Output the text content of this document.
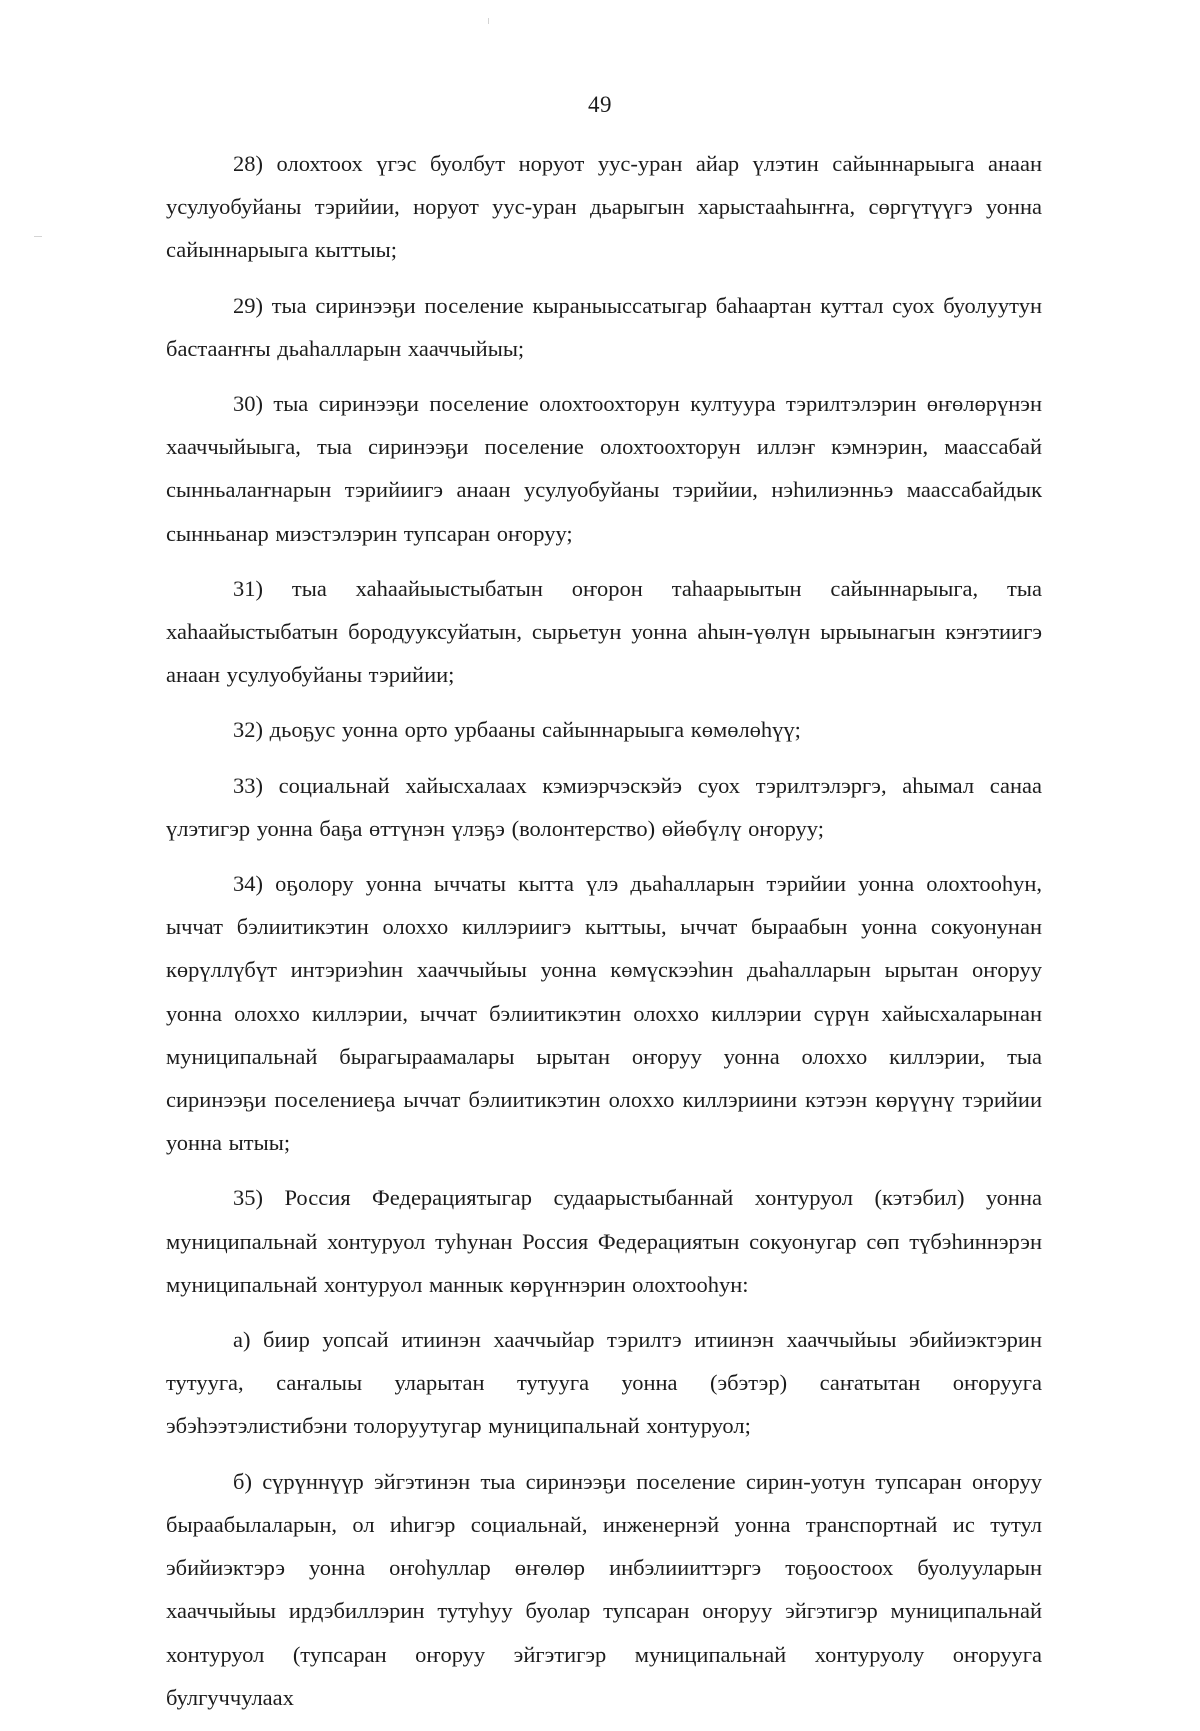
49

28) олохтоох үгэс буолбут норуот уус-уран айар үлэтин сайыннарыыга анаан усулуобуйаны тэрийии, норуот уус-уран дьарыгын харыстааһыҥҥа, сөргүтүүгэ уонна сайыннарыыга кыттыы;

29) тыа сиринээҕи поселение кыраныыссатыгар баһаартан куттал суох буолуутун бастааҥҥы дьаһалларын хааччыйыы;

30) тыа сиринээҕи поселение олохтоохторун култуура тэрилтэлэрин өҥөлөрүнэн хааччыйыыга, тыа сиринээҕи поселение олохтоохторун иллэҥ кэмнэрин, маассабай сынньалаҥнарын тэрийиигэ анаан усулуобуйаны тэрийии, нэһилиэнньэ маассабайдык сынньанар миэстэлэрин тупсаран оҥоруу;

31) тыа хаһаайыыстыбатын оҥорон таһаарыытын сайыннарыыга, тыа хаһаайыстыбатын бородууксуйатын, сырьетун уонна аһын-үөлүн ырыынагын кэҥэтиигэ анаан усулуобуйаны тэрийии;

32) дьоҕус уонна орто урбааны сайыннарыыга көмөлөһүү;

33) социальнай хайысхалаах кэмиэрчэскэйэ суох тэрилтэлэргэ, аһымал санаа үлэтигэр уонна баҕа өттүнэн үлэҕэ (волонтерство) өйөбүлү оҥоруу;

34) оҕолору уонна ыччаты кытта үлэ дьаһалларын тэрийии уонна олохтооһун, ыччат бэлиитикэтин олоххо киллэриигэ кыттыы, ыччат быраабын уонна сокуонунан көрүллүбүт интэриэһин хааччыйыы уонна көмүскээһин дьаһалларын ырытан оҥоруу уонна олоххо киллэрии, ыччат бэлиитикэтин олоххо киллэрии сүрүн хайысхаларынан муниципальнай бырагыраамалары ырытан оҥоруу уонна олоххо киллэрии, тыа сиринээҕи поселениеҕа ыччат бэлиитикэтин олоххо киллэриини кэтээн көрүүнү тэрийии уонна ытыы;

35) Россия Федерациятыгар судаарыстыбаннай хонтуруол (кэтэбил) уонна муниципальнай хонтуруол туһунан Россия Федерациятын сокуонугар сөп түбэһиннэрэн муниципальнай хонтуруол маннык көрүҥнэрин олохтооһун:

а) биир уопсай итиинэн хааччыйар тэрилтэ итиинэн хааччыйыы эбийиэктэрин тутууга, саҥалыы уларытан тутууга уонна (эбэтэр) саҥатытан оҥорууга эбэһээтэлистибэни толоруутугар муниципальнай хонтуруол;

б) сүрүннүүр эйгэтинэн тыа сиринээҕи поселение сирин-уотун тупсаран оҥоруу быраабылаларын, ол иһигэр социальнай, инженернэй уонна транспортнай ис тутул эбийиэктэрэ уонна оҥоһуллар өҥөлөр инбэлиииттэргэ тоҕоостоох буолууларын хааччыйыы ирдэбиллэрин тутуһуу буолар тупсаран оҥоруу эйгэтигэр муниципальнай хонтуруол (тупсаран оҥоруу эйгэтигэр муниципальнай хонтуруолу оҥорууга булгуччулаах
